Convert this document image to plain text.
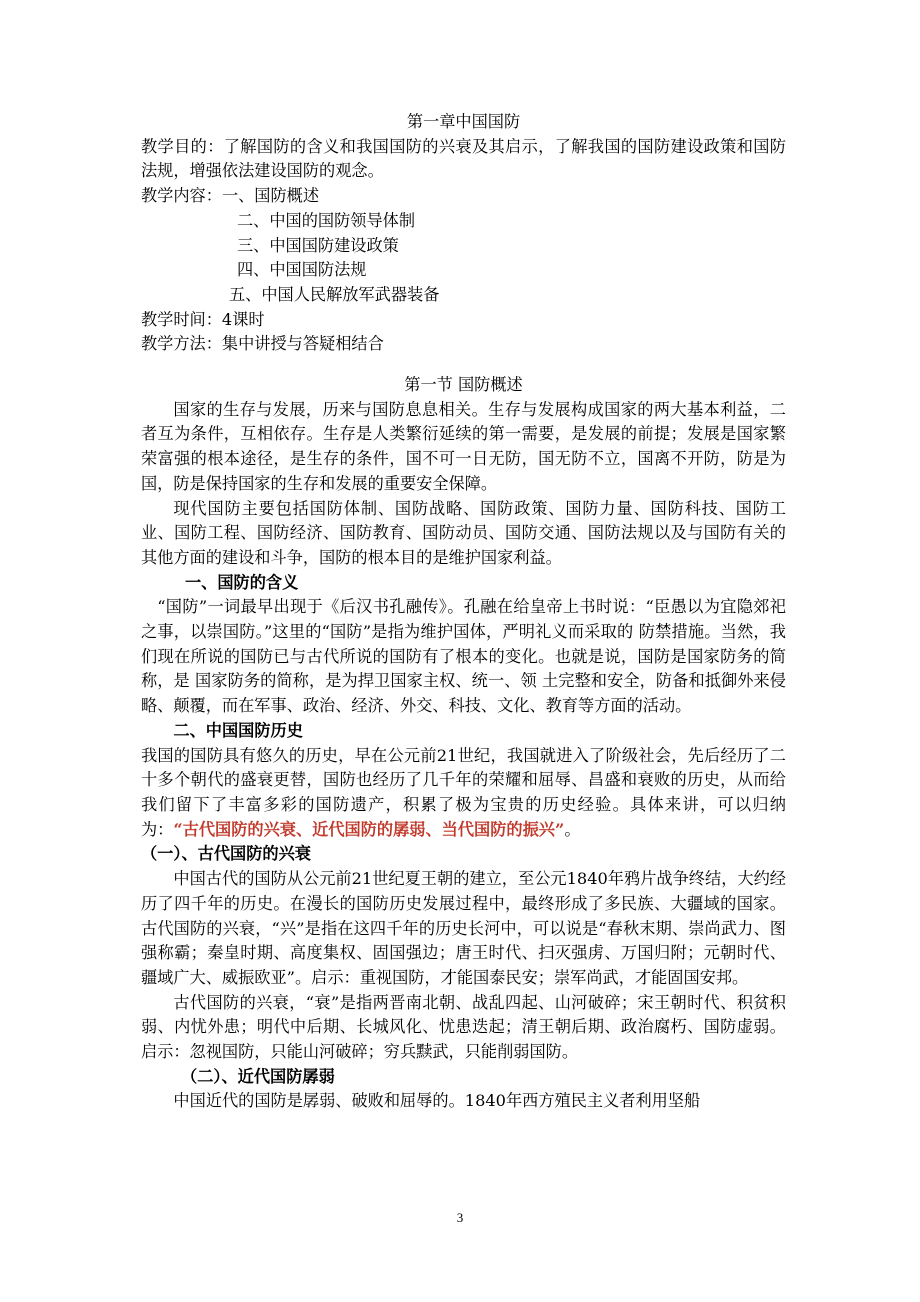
第一章中国国防

教学目的：了解国防的含义和我国国防的兴衰及其启示，了解我国的国防建设政策和国防法规，增强依法建设国防的观念。

教学内容：一、国防概述

二、中国的国防领导体制

三、中国国防建设政策

四、中国国防法规

五、中国人民解放军武器装备

教学时间：4课时

教学方法：集中讲授与答疑相结合

第一节 国防概述

国家的生存与发展，历来与国防息息相关。生存与发展构成国家的两大基本利益，二者互为条件，互相依存。生存是人类繁衍延续的第一需要，是发展的前提；发展是国家繁荣富强的根本途径，是生存的条件，国不可一日无防，国无防不立，国离不开防，防是为国，防是保持国家的生存和发展的重要安全保障。

现代国防主要包括国防体制、国防战略、国防政策、国防力量、国防科技、国防工业、国防工程、国防经济、国防教育、国防动员、国防交通、国防法规以及与国防有关的其他方面的建设和斗争，国防的根本目的是维护国家利益。

一、国防的含义

“国防”一词最早出现于《后汉书孔融传》。孔融在给皇帝上书时说：“臣愚以为宜隐郊祀之事，以崇国防。”这里的“国防”是指为维护国体，严明礼义而采取的 防禁措施。当然，我们现在所说的国防已与古代所说的国防有了根本的变化。也就是说，国防是国家防务的简称，是 国家防务的简称，是为捍卫国家主权、统一、领 土完整和安全，防备和抵御外来侵略、颠覆，而在军事、政治、经济、外交、科技、文化、教育等方面的活动。

二、中国国防历史

我国的国防具有悠久的历史，早在公元前21世纪，我国就进入了阶级社会，先后经历了二十多个朝代的盛衰更替，国防也经历了几千年的荣耀和屈辱、昌盛和衰败的历史，从而给我们留下了丰富多彩的国防遗产，积累了极为宝贵的历史经验。具体来讲，可以归纳为：“古代国防的兴衰、近代国防的孱弱、当代国防的振兴”。

（一）、古代国防的兴衰

中国古代的国防从公元前21世纪夏王朝的建立，至公元1840年鸦片战争终结，大约经历了四千年的历史。在漫长的国防历史发展过程中，最终形成了多民族、大疆域的国家。古代国防的兴衰，“兴”是指在这四千年的历史长河中，可以说是“春秋末期、崇尚武力、图强称霸；秦皇时期、高度集权、固国强边；唐王时代、扫灭强虏、万国归附；元朝时代、疆域广大、威振欧亚”。启示：重视国防，才能国泰民安；崇军尚武，才能固国安邦。

古代国防的兴衰，“衰”是指两晋南北朝、战乱四起、山河破碎；宋王朝时代、积贫积弱、内忧外患；明代中后期、长城风化、忧患迭起；清王朝后期、政治腐朽、国防虚弱。启示：忽视国防，只能山河破碎；穷兵黩武，只能削弱国防。

（二）、近代国防孱弱

中国近代的国防是孱弱、破败和屈辱的。1840年西方殖民主义者利用坚船

3
